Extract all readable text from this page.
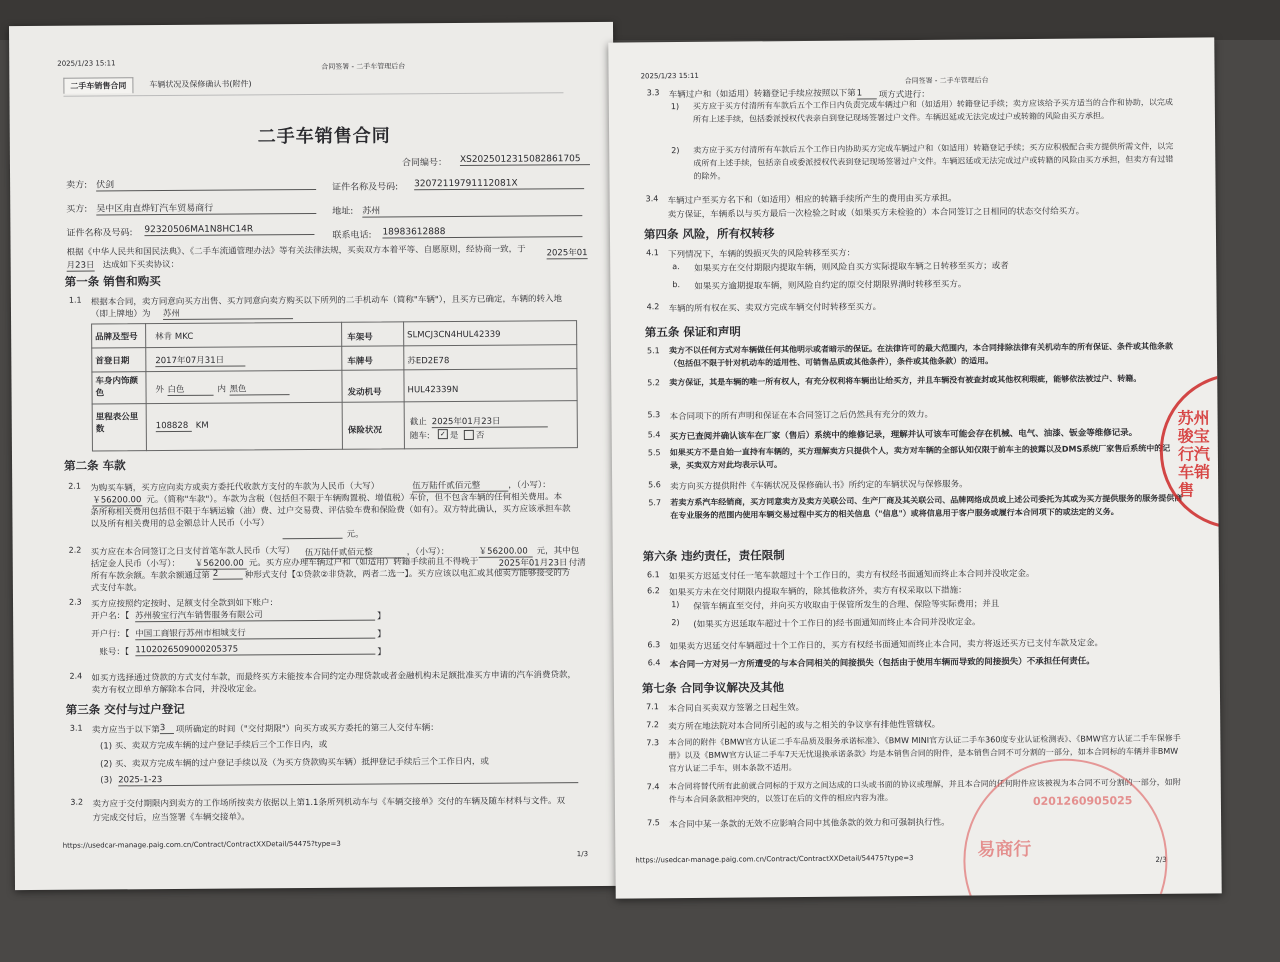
2025/1/23 15:11	合同签署 - 二手车管理后台
二手车销售合同	车辆状况及保修确认书(附件)
二手车销售合同
合同编号： XS2025012315082861705
卖方: 伏剑	证件名称及号码: 32072119791112081X
买方: 吴中区甪直烨钉汽车贸易商行	地址: 苏州
证件名称及号码: 92320506MA1N8HC14R
联系电话: 18983612888
根据《中华人民共和国民法典》、《二手车流通管理办法》等有关法律法规，买卖双方本着平等、自愿原则，经协商一致，于 2025年01
月23日 达成如下买卖协议：
第一条 销售和购买
1.1 根据本合同，卖方同意向买方出售、买方同意向卖方购买以下所列的二手机动车（简称"车辆"），且买方已确定，车辆的转入地
（即上牌地）为 苏州
品牌及型号 林肯 MKC	车架号	SLMCJ3CN4HUL42339
首登日期	2017年07月31日	车牌号	苏ED2E78
车身内饰颜色	外 白色	内 黑色	发动机号	HUL42339N
里程表公里数	108828 KM	保险状况
截止 2025年01月23日
随车: ✓ 是 否
第二条 车款
2.1 为购买车辆，买方应向卖方或卖方委托代收款方支付的车款为人民币（大写）	伍万陆仟贰佰元整	，（小写）：
￥56200.00 元。（简称"车款"）。车款为含税（包括但不限于车辆购置税、增值税）车价，但不包含车辆的任何相关费用。本
条所称相关费用包括但不限于车辆运输（油）费、过户交易费、评估验车费和保险费（如有）。双方特此确认，买方应该承担车款
以及所有相关费用的总金额总计人民币（小写）
元。
2.2 买方应在本合同签订之日支付首笔车款人民币（大写） 伍万陆仟贰佰元整	，（小写）：	￥56200.00	元，其中包
括定金人民币（小写）： ￥56200.00 元。买方应办理车辆过户和（如适用）转籍手续前且不得晚于 2025年01月23日 付清
所有车款余额。车款余额通过第 2	种形式支付【①贷款②非贷款，两者二选一】。买方应该以电汇或其他卖方能够接受的方
式支付车款。
2.3 买方应按照约定按时、足额支付全款到如下账户：
开户名：【 苏州骏宝行汽车销售服务有限公司	】
开户行：【 中国工商银行苏州市相城支行	】
账号：【 1102026509000205375	】
2.4 如买方选择通过贷款的方式支付车款，而最终买方未能按本合同约定办理贷款或者金融机构未足额批准买方申请的汽车消费贷款，
卖方有权立即单方解除本合同，并没收定金。
第三条 交付与过户登记
3.1 卖方应当于以下第 3	项所确定的时间（"交付期限"）向买方或买方委托的第三人交付车辆：
(1) 买、卖双方完成车辆的过户登记手续后三个工作日内，或
(2) 买、卖双方完成车辆的过户登记手续以及（为买方贷款购买车辆）抵押登记手续后三个工作日内，或
(3) 2025-1-23
3.2 卖方应于交付期限内到卖方的工作场所按卖方依据以上第1.1条所列机动车与《车辆交接单》交付的车辆及随车材料与文件。双
方完成交付后，应当签署《车辆交接单》。
https://usedcar-manage.paig.com.cn/Contract/ContractXXDetail/54475?type=3
1/3
2025/1/23 15:11
合同签署 - 二手车管理后台
3.3 车辆过户和（如适用）转籍登记手续应按照以下第 1	项方式进行：
1) 买方应于买方付清所有车款后五个工作日内负责完成车辆过户和（如适用）转籍登记手续；卖方应该给予买方适当的合作和协助，以完成所有上述手续，包括委派授权代表亲自到登记现场签署过户文件。车辆迟延或无法完成过户或转籍的风险由买方承担。
2) 卖方应于买方付清所有车款后五个工作日内协助买方完成车辆过户和（如适用）转籍登记手续；买方应积极配合卖方提供所需文件，以完成所有上述手续，包括亲自或委派授权代表到登记现场签署过户文件。车辆迟延或无法完成过户或转籍的风险由买方承担，但卖方有过错的除外。
3.4 车辆过户至买方名下和（如适用）相应的转籍手续所产生的费用由买方承担。
卖方保证，车辆系以与买方最后一次检验之时或（如果买方未检验的）本合同签订之日相同的状态交付给买方。
第四条 风险，所有权转移
4.1 下列情况下，车辆的毁损灭失的风险转移至买方：
a. 如果买方在交付期限内提取车辆，则风险自买方实际提取车辆之日转移至买方；或者
b. 如果买方逾期提取车辆，则风险自约定的原交付期限界满时转移至买方。
4.2 车辆的所有权在买、卖双方完成车辆交付时转移至买方。
第五条 保证和声明
5.1 卖方不以任何方式对车辆做任何其他明示或者暗示的保证。在法律许可的最大范围内，本合同排除法律有关机动车的所有保证、条件或其他条款（包括但不限于针对机动车的适用性、可销售品质或其他条件），条件或其他条款）的适用。
5.2 卖方保证，其是车辆的唯一所有权人，有充分权利将车辆出让给买方，并且车辆没有被查封或其他权利瑕疵，能够依法被过户、转籍。
5.3 本合同项下的所有声明和保证在本合同签订之后仍然具有充分的效力。
5.4 买方已查阅并确认该车在厂家（售后）系统中的维修记录，理解并认可该车可能会存在机械、电气、油漆、钣金等维修记录。
5.5 如果买方不是自始一直持有车辆的，买方理解卖方只提供个人，卖方对车辆的全部认知仅限于前车主的披露以及DMS系统厂家售后系统中的记录，买卖双方对此均表示认可。
5.6 卖方向买方提供附件《车辆状况及保修确认书》所约定的车辆状况与保修服务。
5.7 若卖方系汽车经销商，买方同意卖方及卖方关联公司、生产厂商及其关联公司、品牌网络成员或上述公司委托为其或为买方提供服务的服务提供商在专业服务的范围内使用车辆交易过程中买方的相关信息（"信息"）或将信息用于客户服务或履行本合同项下的或法定的义务。
第六条 违约责任，责任限制
6.1 如果买方迟延支付任一笔车款超过十个工作日的，卖方有权经书面通知而终止本合同并没收定金。
6.2 如果买方未在交付期限内提取车辆的，除其他救济外，卖方有权采取以下措施：
1) 保管车辆直至交付，并向买方收取由于保管所发生的合理、保险等实际费用；并且
2) (如果买方迟延取车超过十个工作日的)经书面通知而终止本合同并没收定金。
6.3 如果卖方迟延交付车辆超过十个工作日的，买方有权经书面通知而终止本合同，卖方将返还买方已支付车款及定金。
6.4 本合同一方对另一方所遭受的与本合同相关的间接损失（包括由于使用车辆而导致的间接损失）不承担任何责任。
第七条 合同争议解决及其他
7.1 本合同自买卖双方签署之日起生效。
7.2 卖方所在地法院对本合同所引起的或与之相关的争议享有排他性管辖权。
7.3 本合同的附件《BMW官方认证二手车品质及服务承诺标准》、《BMW MINI官方认证二手车360度专业认证检测表》、《BMW官方认证二手车保修手册》以及《BMW官方认证二手车7天无忧退换承诺条款》均是本销售合同的附件，是本销售合同不可分割的一部分，如本合同标的车辆并非BMW官方认证二手车，则本条款不适用。
7.4 本合同将替代所有此前就合同标的于双方之间达成的口头或书面的协议或理解，并且本合同的任何附件应该被视为本合同不可分割的一部分，如附件与本合同条款相冲突的，以签订在后的文件的相应内容为准。
7.5 本合同中某一条款的无效不应影响合同中其他条款的效力和可强制执行性。
https://usedcar-manage.paig.com.cn/Contract/ContractXXDetail/54475?type=3	2/3
苏州骏宝行汽车销售
易商行
0201260905025
